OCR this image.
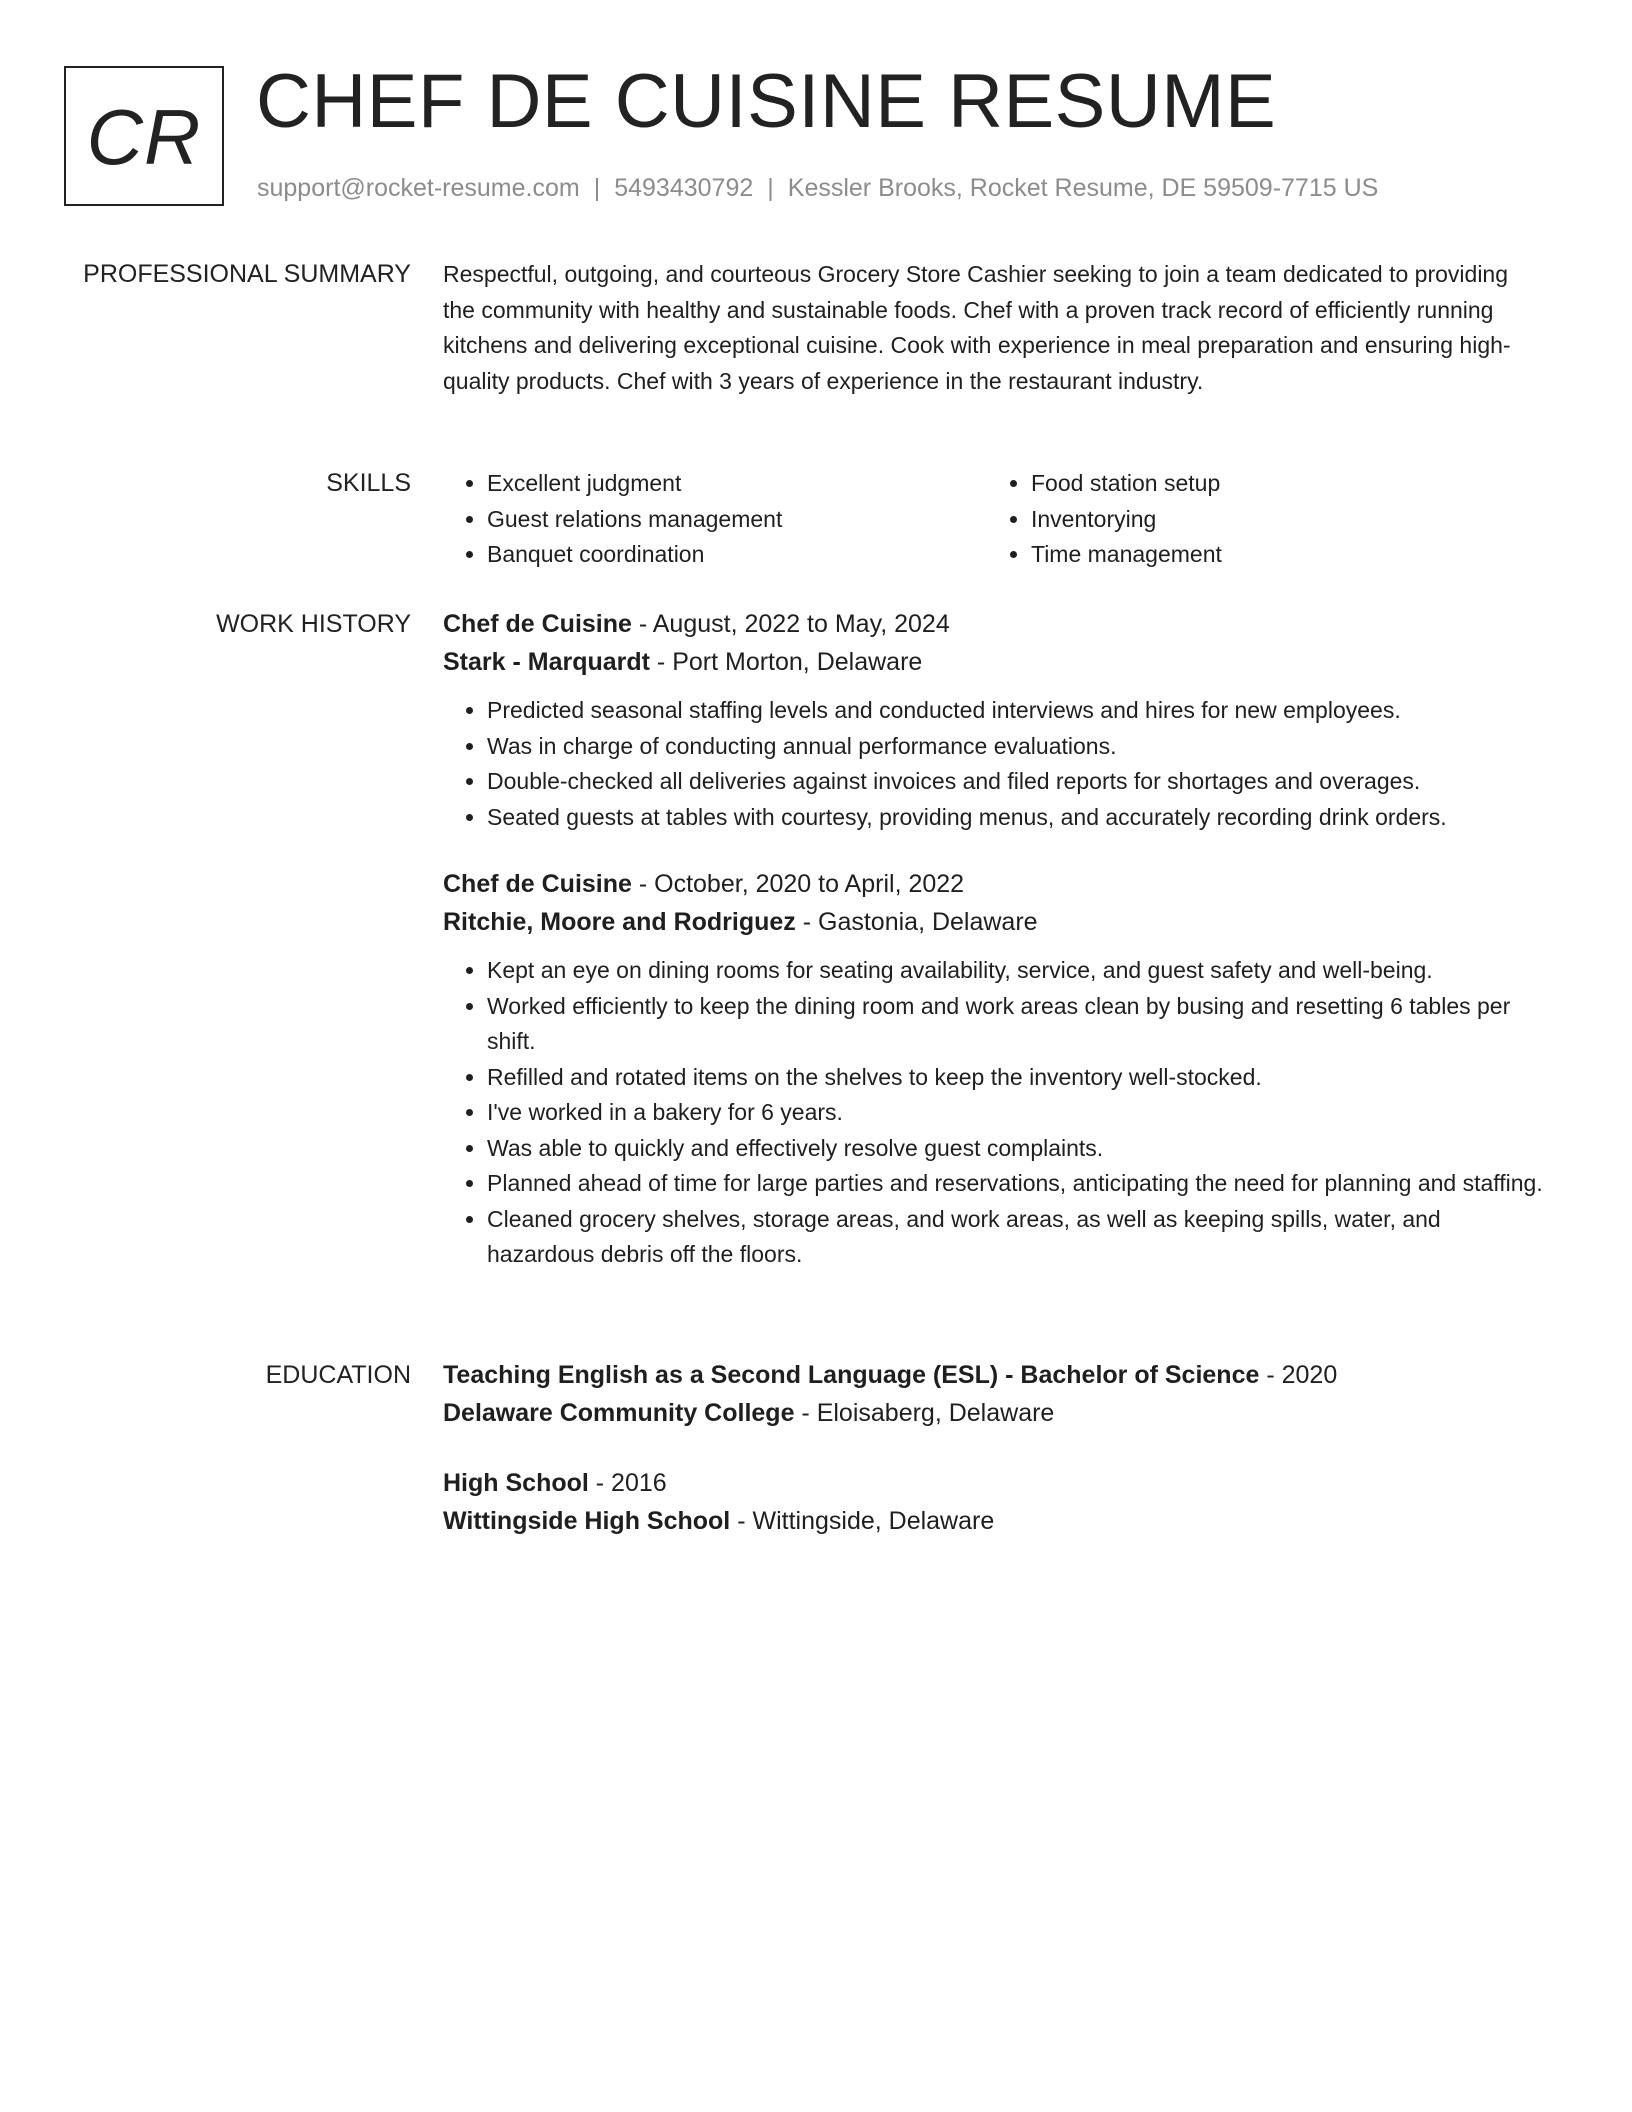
CR CHEF DE CUISINE RESUME
support@rocket-resume.com | 5493430792 | Kessler Brooks, Rocket Resume, DE 59509-7715 US
PROFESSIONAL SUMMARY Respectful, outgoing, and courteous Grocery Store Cashier seeking to join a team dedicated to providing the community with healthy and sustainable foods. Chef with a proven track record of efficiently running kitchens and delivering exceptional cuisine. Cook with experience in meal preparation and ensuring high-quality products. Chef with 3 years of experience in the restaurant industry.

SKILLS
•	Excellent judgment
• Guest relations management
• Banquet coordination
• Food station setup
• Inventorying
• Time management
WORK HISTORY Chef de Cuisine - August, 2022 to May, 2024
Stark - Marquardt - Port Morton, Delaware
• Predicted seasonal staffing levels and conducted interviews and hires for new employees.
• Was in charge of conducting annual performance evaluations.
• Double-checked all deliveries against invoices and filed reports for shortages and overages.
• Seated guests at tables with courtesy, providing menus, and accurately recording drink orders.
Chef de Cuisine - October, 2020 to April, 2022
Ritchie, Moore and Rodriguez - Gastonia, Delaware
• Kept an eye on dining rooms for seating availability, service, and guest safety and well-being.
• Worked efficiently to keep the dining room and work areas clean by busing and resetting 6 tables per shift.
• Refilled and rotated items on the shelves to keep the inventory well-stocked.
• I've worked in a bakery for 6 years.
• Was able to quickly and effectively resolve guest complaints.
• Planned ahead of time for large parties and reservations, anticipating the need for planning and staffing.
• Cleaned grocery shelves, storage areas, and work areas, as well as keeping spills, water, and hazardous debris off the floors.
EDUCATION Teaching English as a Second Language (ESL) - Bachelor of Science - 2020
Delaware Community College - Eloisaberg, Delaware
High School - 2016
Wittingside High School - Wittingside, Delaware
